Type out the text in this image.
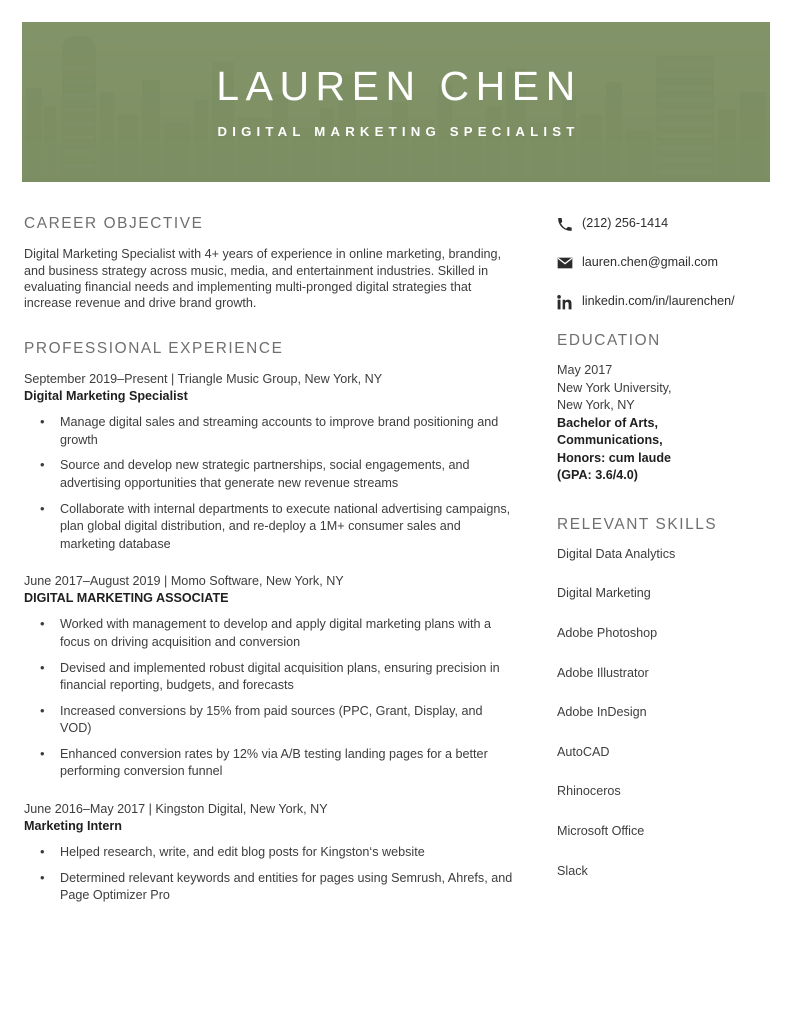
LAUREN CHEN
DIGITAL MARKETING SPECIALIST
CAREER OBJECTIVE

Digital Marketing Specialist with 4+ years of experience in online marketing, branding, and business strategy across music, media, and entertainment industries. Skilled in evaluating financial needs and implementing multi-pronged digital strategies that increase revenue and drive brand growth.

PROFESSIONAL EXPERIENCE
September 2019–Present | Triangle Music Group, New York, NY
Digital Marketing Specialist
• Manage digital sales and streaming accounts to improve brand positioning and growth
• Source and develop new strategic partnerships, social engagements, and advertising opportunities that generate new revenue streams
• Collaborate with internal departments to execute national advertising campaigns, plan global digital distribution, and re-deploy a 1M+ consumer sales and marketing database
June 2017–August 2019 | Momo Software, New York, NY
DIGITAL MARKETING ASSOCIATE
• Worked with management to develop and apply digital marketing plans with a focus on driving acquisition and conversion
• Devised and implemented robust digital acquisition plans, ensuring precision in financial reporting, budgets, and forecasts
• Increased conversions by 15% from paid sources (PPC, Grant, Display, and VOD)
• Enhanced conversion rates by 12% via A/B testing landing pages for a better performing conversion funnel
June 2016–May 2017 | Kingston Digital, New York, NY
Marketing Intern
• Helped research, write, and edit blog posts for Kingston‘s website
• Determined relevant keywords and entities for pages using Semrush, Ahrefs, and Page Optimizer Pro
(212) 256-1414
lauren.chen@gmail.com
linkedin.com/in/laurenchen/
EDUCATION
May 2017
New York University,
New York, NY
Bachelor of Arts,
Communications,
Honors: cum laude
(GPA: 3.6/4.0)
RELEVANT SKILLS
Digital Data Analytics
Digital Marketing
Adobe Photoshop
Adobe Illustrator
Adobe InDesign
AutoCAD
Rhinoceros
Microsoft Office
Slack
